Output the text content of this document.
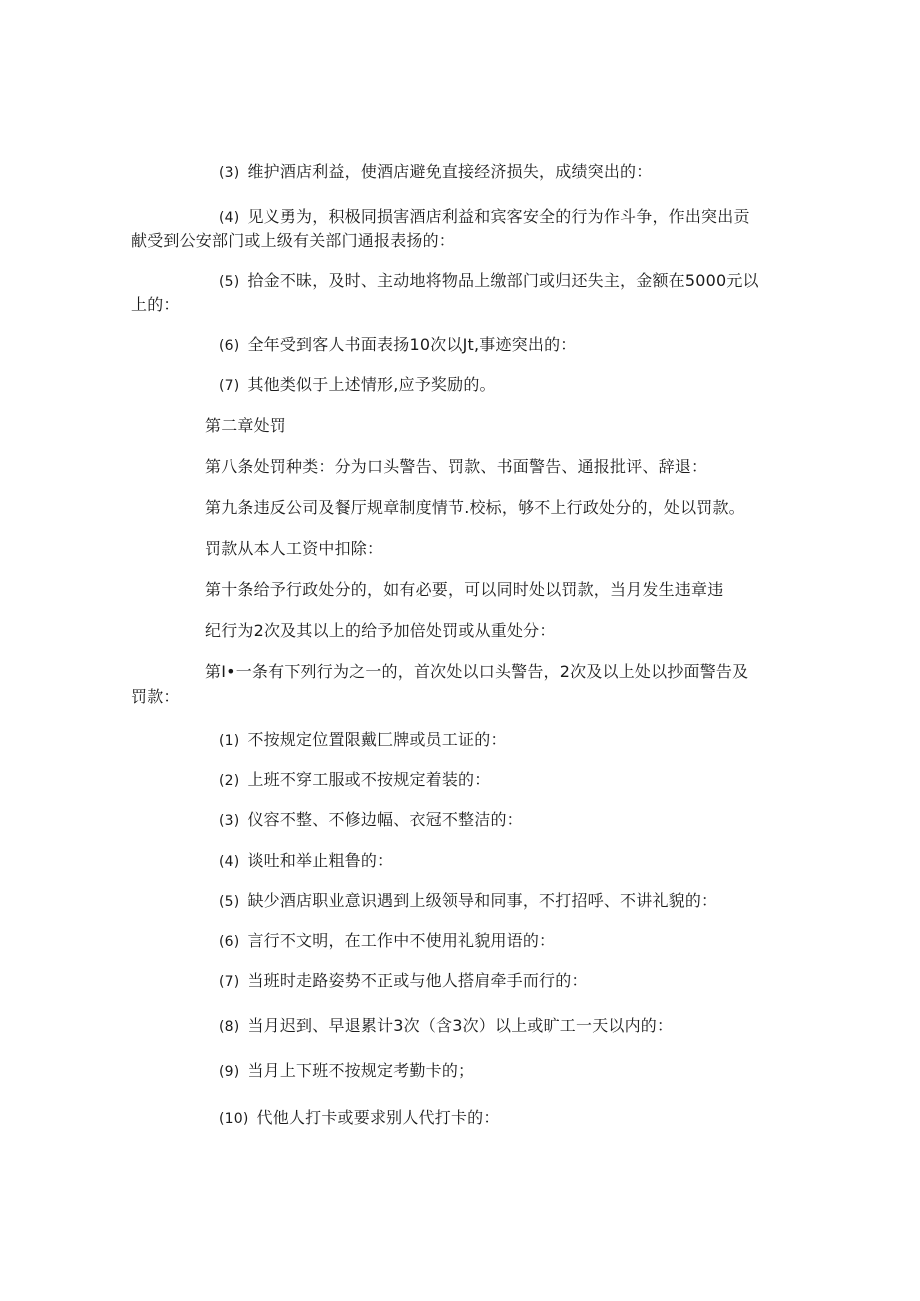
(3) 维护酒店利益，使酒店避免直接经济损失，成绩突出的：
(4) 见义勇为，积极同损害酒店利益和宾客安全的行为作斗争，作出突出贡
献受到公安部门或上级有关部门通报表扬的：
(5) 拾金不昧，及时、主动地将物品上缴部门或归还失主，金额在5000元以
上的：
(6) 全年受到客人书面表扬10次以Jt,事迹突出的：
(7) 其他类似于上述情形,应予奖励的。
第二章处罚
第八条处罚种类：分为口头警告、罚款、书面警告、通报批评、辞退：
第九条违反公司及餐厅规章制度情节.校标，够不上行政处分的，处以罚款。
罚款从本人工资中扣除：
第十条给予行政处分的，如有必要，可以同时处以罚款，当月发生违章违
纪行为2次及其以上的给予加倍处罚或从重处分：
第I•一条有下列行为之一的，首次处以口头警告，2次及以上处以抄面警告及
罚款：
(1) 不按规定位置限戴匚牌或员工证的：
(2) 上班不穿工服或不按规定着装的：
(3) 仪容不整、不修边幅、衣冠不整洁的：
(4) 谈吐和举止粗鲁的：
(5) 缺少酒店职业意识遇到上级领导和同事，不打招呼、不讲礼貌的：
(6) 言行不文明，在工作中不使用礼貌用语的：
(7) 当班时走路姿势不正或与他人搭肩牵手而行的：
(8) 当月迟到、早退累计3次（含3次）以上或旷工一天以内的：
(9) 当月上下班不按规定考勤卡的；
(10) 代他人打卡或要求别人代打卡的：
